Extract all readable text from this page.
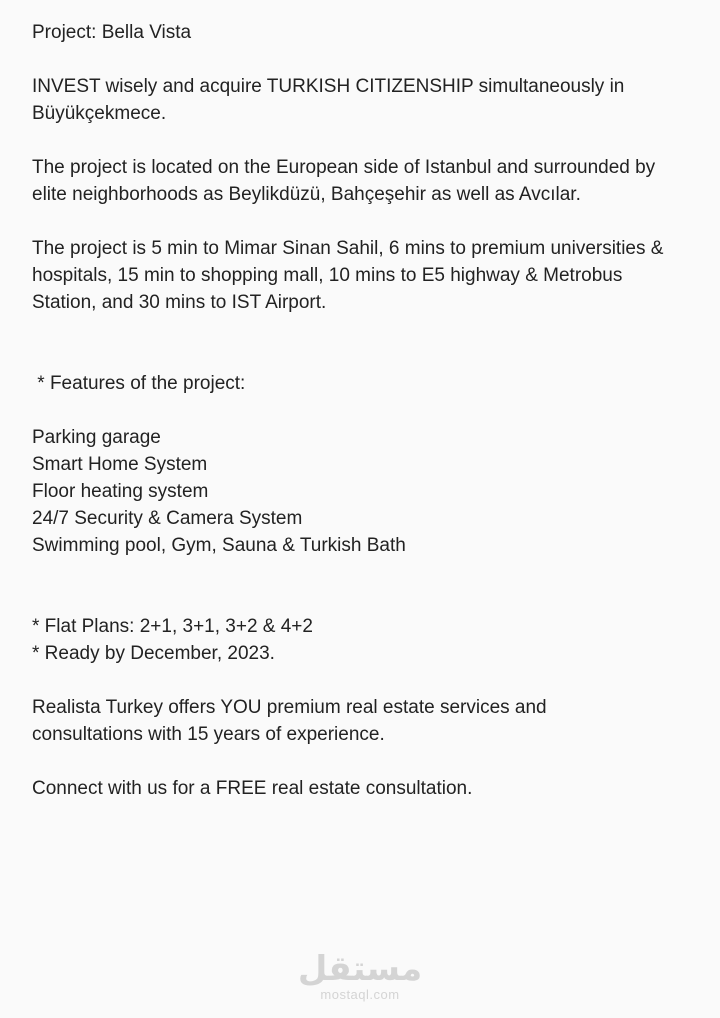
Project: Bella Vista
INVEST wisely and acquire TURKISH CITIZENSHIP simultaneously in Büyükçekmece.
The project is located on the European side of Istanbul and surrounded by elite neighborhoods as Beylikdüzü, Bahçeşehir as well as Avcılar.
The project is 5 min to Mimar Sinan Sahil, 6 mins to premium universities & hospitals, 15 min to shopping mall, 10 mins to E5 highway & Metrobus Station, and 30 mins to IST Airport.
* Features of the project:
Parking garage
Smart Home System
Floor heating system
24/7 Security & Camera System
Swimming pool, Gym, Sauna & Turkish Bath
* Flat Plans: 2+1, 3+1, 3+2 & 4+2
* Ready by December, 2023.
Realista Turkey offers YOU premium real estate services and
consultations with 15 years of experience.
Connect with us for a FREE real estate consultation.
مستقل
mostaql.com
